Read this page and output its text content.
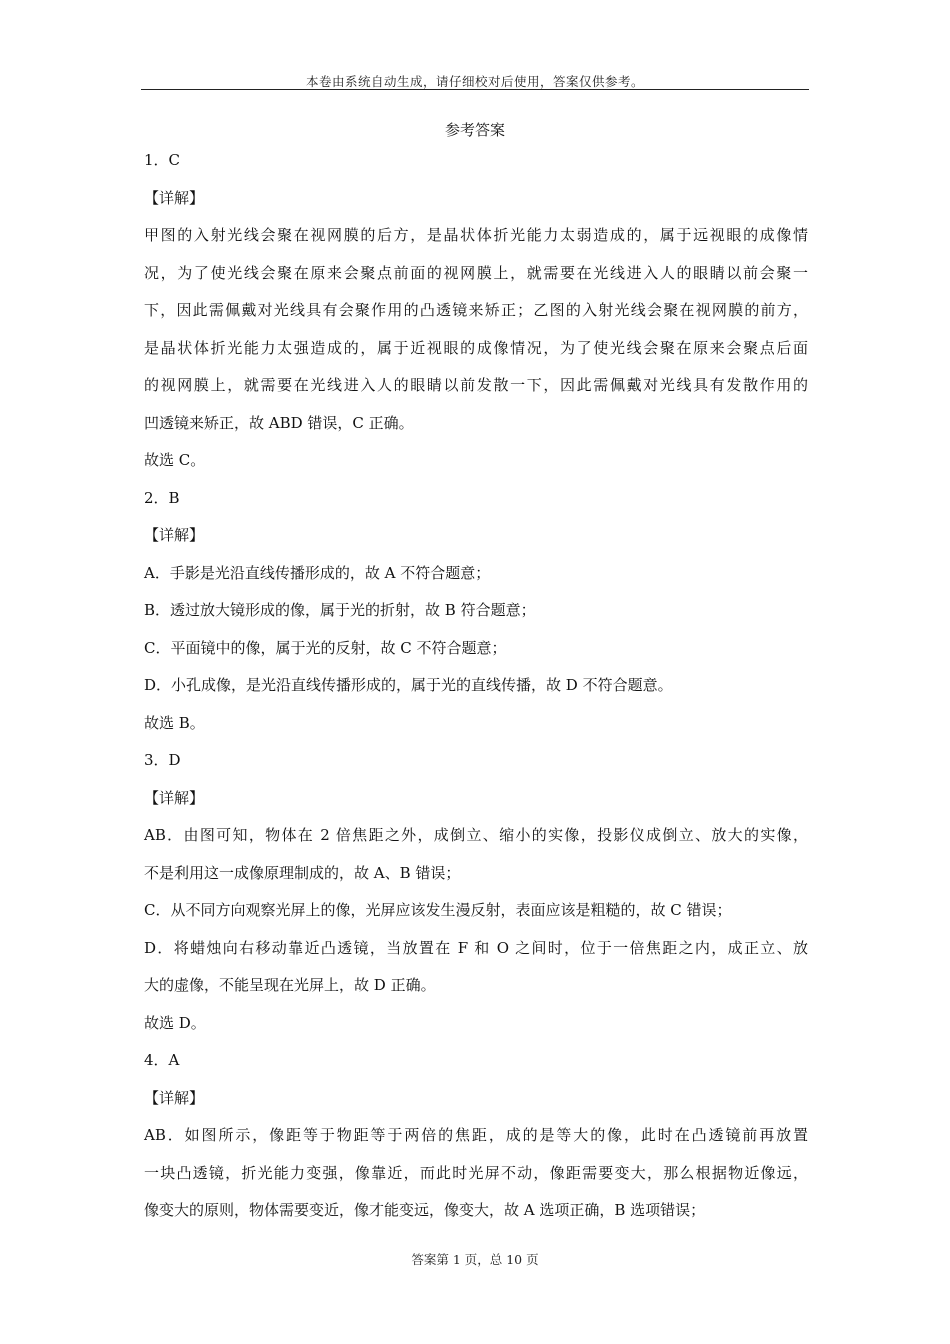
本卷由系统自动生成，请仔细校对后使用，答案仅供参考。
参考答案
1．C
【详解】
甲图的入射光线会聚在视网膜的后方，是晶状体折光能力太弱造成的，属于远视眼的成像情
况，为了使光线会聚在原来会聚点前面的视网膜上，就需要在光线进入人的眼睛以前会聚一
下，因此需佩戴对光线具有会聚作用的凸透镜来矫正；乙图的入射光线会聚在视网膜的前方，
是晶状体折光能力太强造成的，属于近视眼的成像情况，为了使光线会聚在原来会聚点后面
的视网膜上，就需要在光线进入人的眼睛以前发散一下，因此需佩戴对光线具有发散作用的
凹透镜来矫正，故 ABD 错误，C 正确。
故选 C。
2．B
【详解】
A．手影是光沿直线传播形成的，故 A 不符合题意；
B．透过放大镜形成的像，属于光的折射，故 B 符合题意；
C．平面镜中的像，属于光的反射，故 C 不符合题意；
D．小孔成像，是光沿直线传播形成的，属于光的直线传播，故 D 不符合题意。
故选 B。
3．D
【详解】
AB．由图可知，物体在 2 倍焦距之外，成倒立、缩小的实像，投影仪成倒立、放大的实像，
不是利用这一成像原理制成的，故 A、B 错误；
C．从不同方向观察光屏上的像，光屏应该发生漫反射，表面应该是粗糙的，故 C 错误；
D．将蜡烛向右移动靠近凸透镜，当放置在 F 和 O 之间时，位于一倍焦距之内，成正立、放
大的虚像，不能呈现在光屏上，故 D 正确。
故选 D。
4．A
【详解】
AB．如图所示，像距等于物距等于两倍的焦距，成的是等大的像，此时在凸透镜前再放置
一块凸透镜，折光能力变强，像靠近，而此时光屏不动，像距需要变大，那么根据物近像远，
像变大的原则，物体需要变近，像才能变远，像变大，故 A 选项正确，B 选项错误；
答案第 1 页，总 10 页
